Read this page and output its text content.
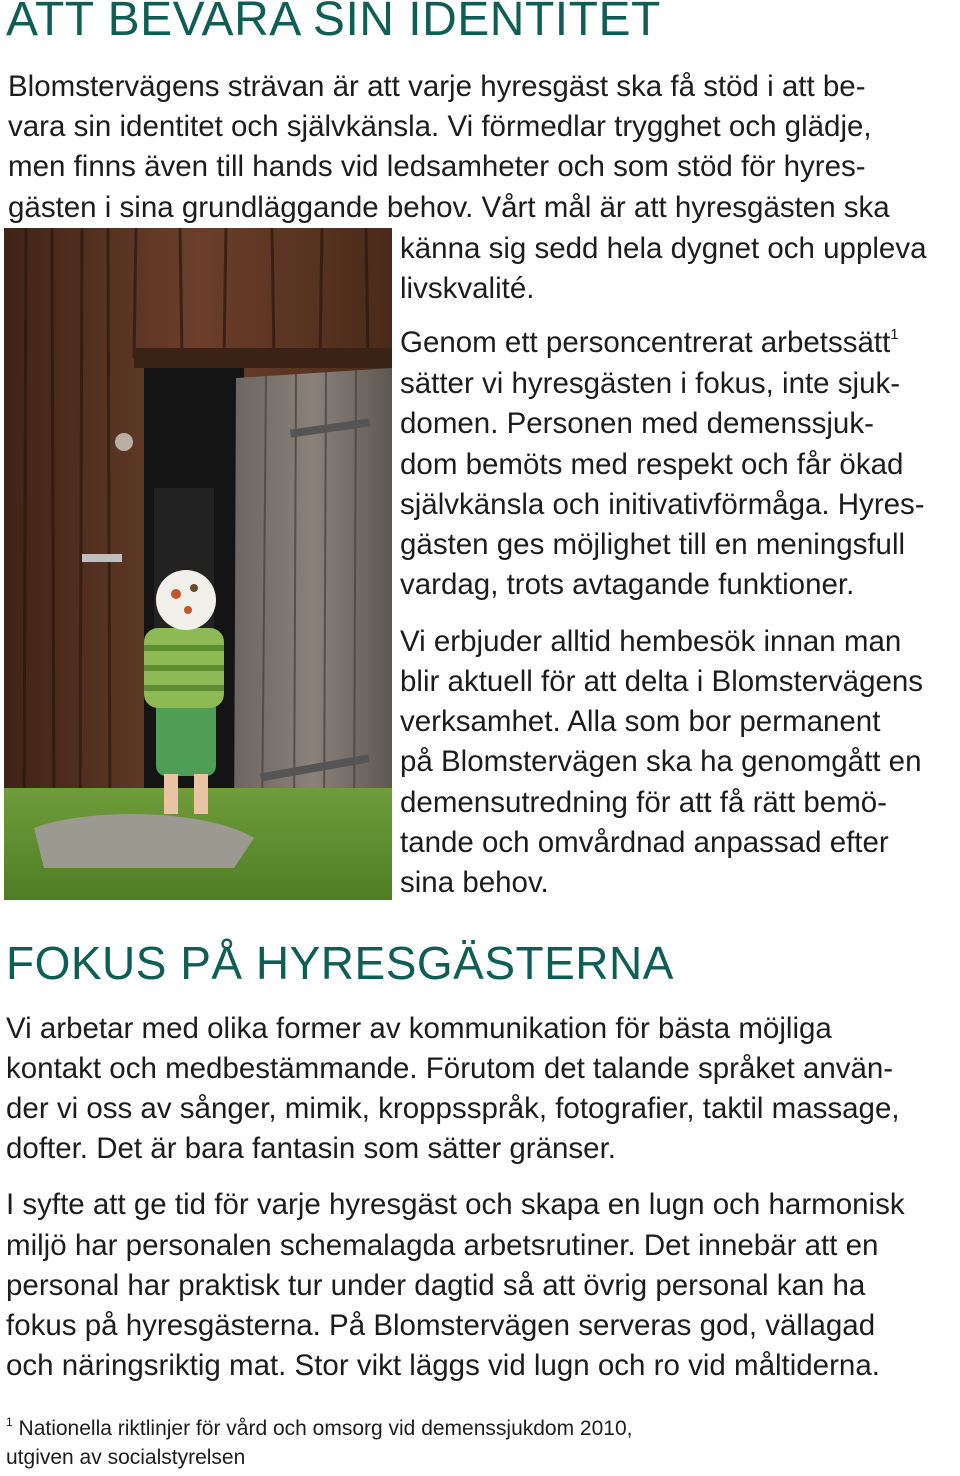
ATT BEVARA SIN IDENTITET
Blomstervägens strävan är att varje hyresgäst ska få stöd i att be-
vara sin identitet och självkänsla. Vi förmedlar trygghet och glädje,
men finns även till hands vid ledsamheter och som stöd för hyres-
gästen i sina grundläggande behov. Vårt mål är att hyresgästen ska
känna sig sedd hela dygnet och uppleva
livskvalité.
Genom ett personcentrerat arbetssätt$^1$
sätter vi hyresgästen i fokus, inte sjuk-
domen. Personen med demenssjuk-
dom bemöts med respekt och får ökad
självkänsla och initivativförmåga. Hyres-
gästen ges möjlighet till en meningsfull
vardag, trots avtagande funktioner.
Vi erbjuder alltid hembesök innan man
blir aktuell för att delta i Blomstervägens
verksamhet. Alla som bor permanent
på Blomstervägen ska ha genomgått en
demensutredning för att få rätt bemö-
tande och omvårdnad anpassad efter
sina behov.
FOKUS PÅ HYRESGÄSTERNA
Vi arbetar med olika former av kommunikation för bästa möjliga
kontakt och medbestämmande. Förutom det talande språket använ-
der vi oss av sånger, mimik, kroppsspråk, fotografier, taktil massage,
dofter. Det är bara fantasin som sätter gränser.
I syfte att ge tid för varje hyresgäst och skapa en lugn och harmonisk
miljö har personalen schemalagda arbetsrutiner. Det innebär att en
personal har praktisk tur under dagtid så att övrig personal kan ha
fokus på hyresgästerna. På Blomstervägen serveras god, vällagad
och näringsriktig mat. Stor vikt läggs vid lugn och ro vid måltiderna.
$^1$ Nationella riktlinjer för vård och omsorg vid demenssjukdom 2010,
utgiven av socialstyrelsen
